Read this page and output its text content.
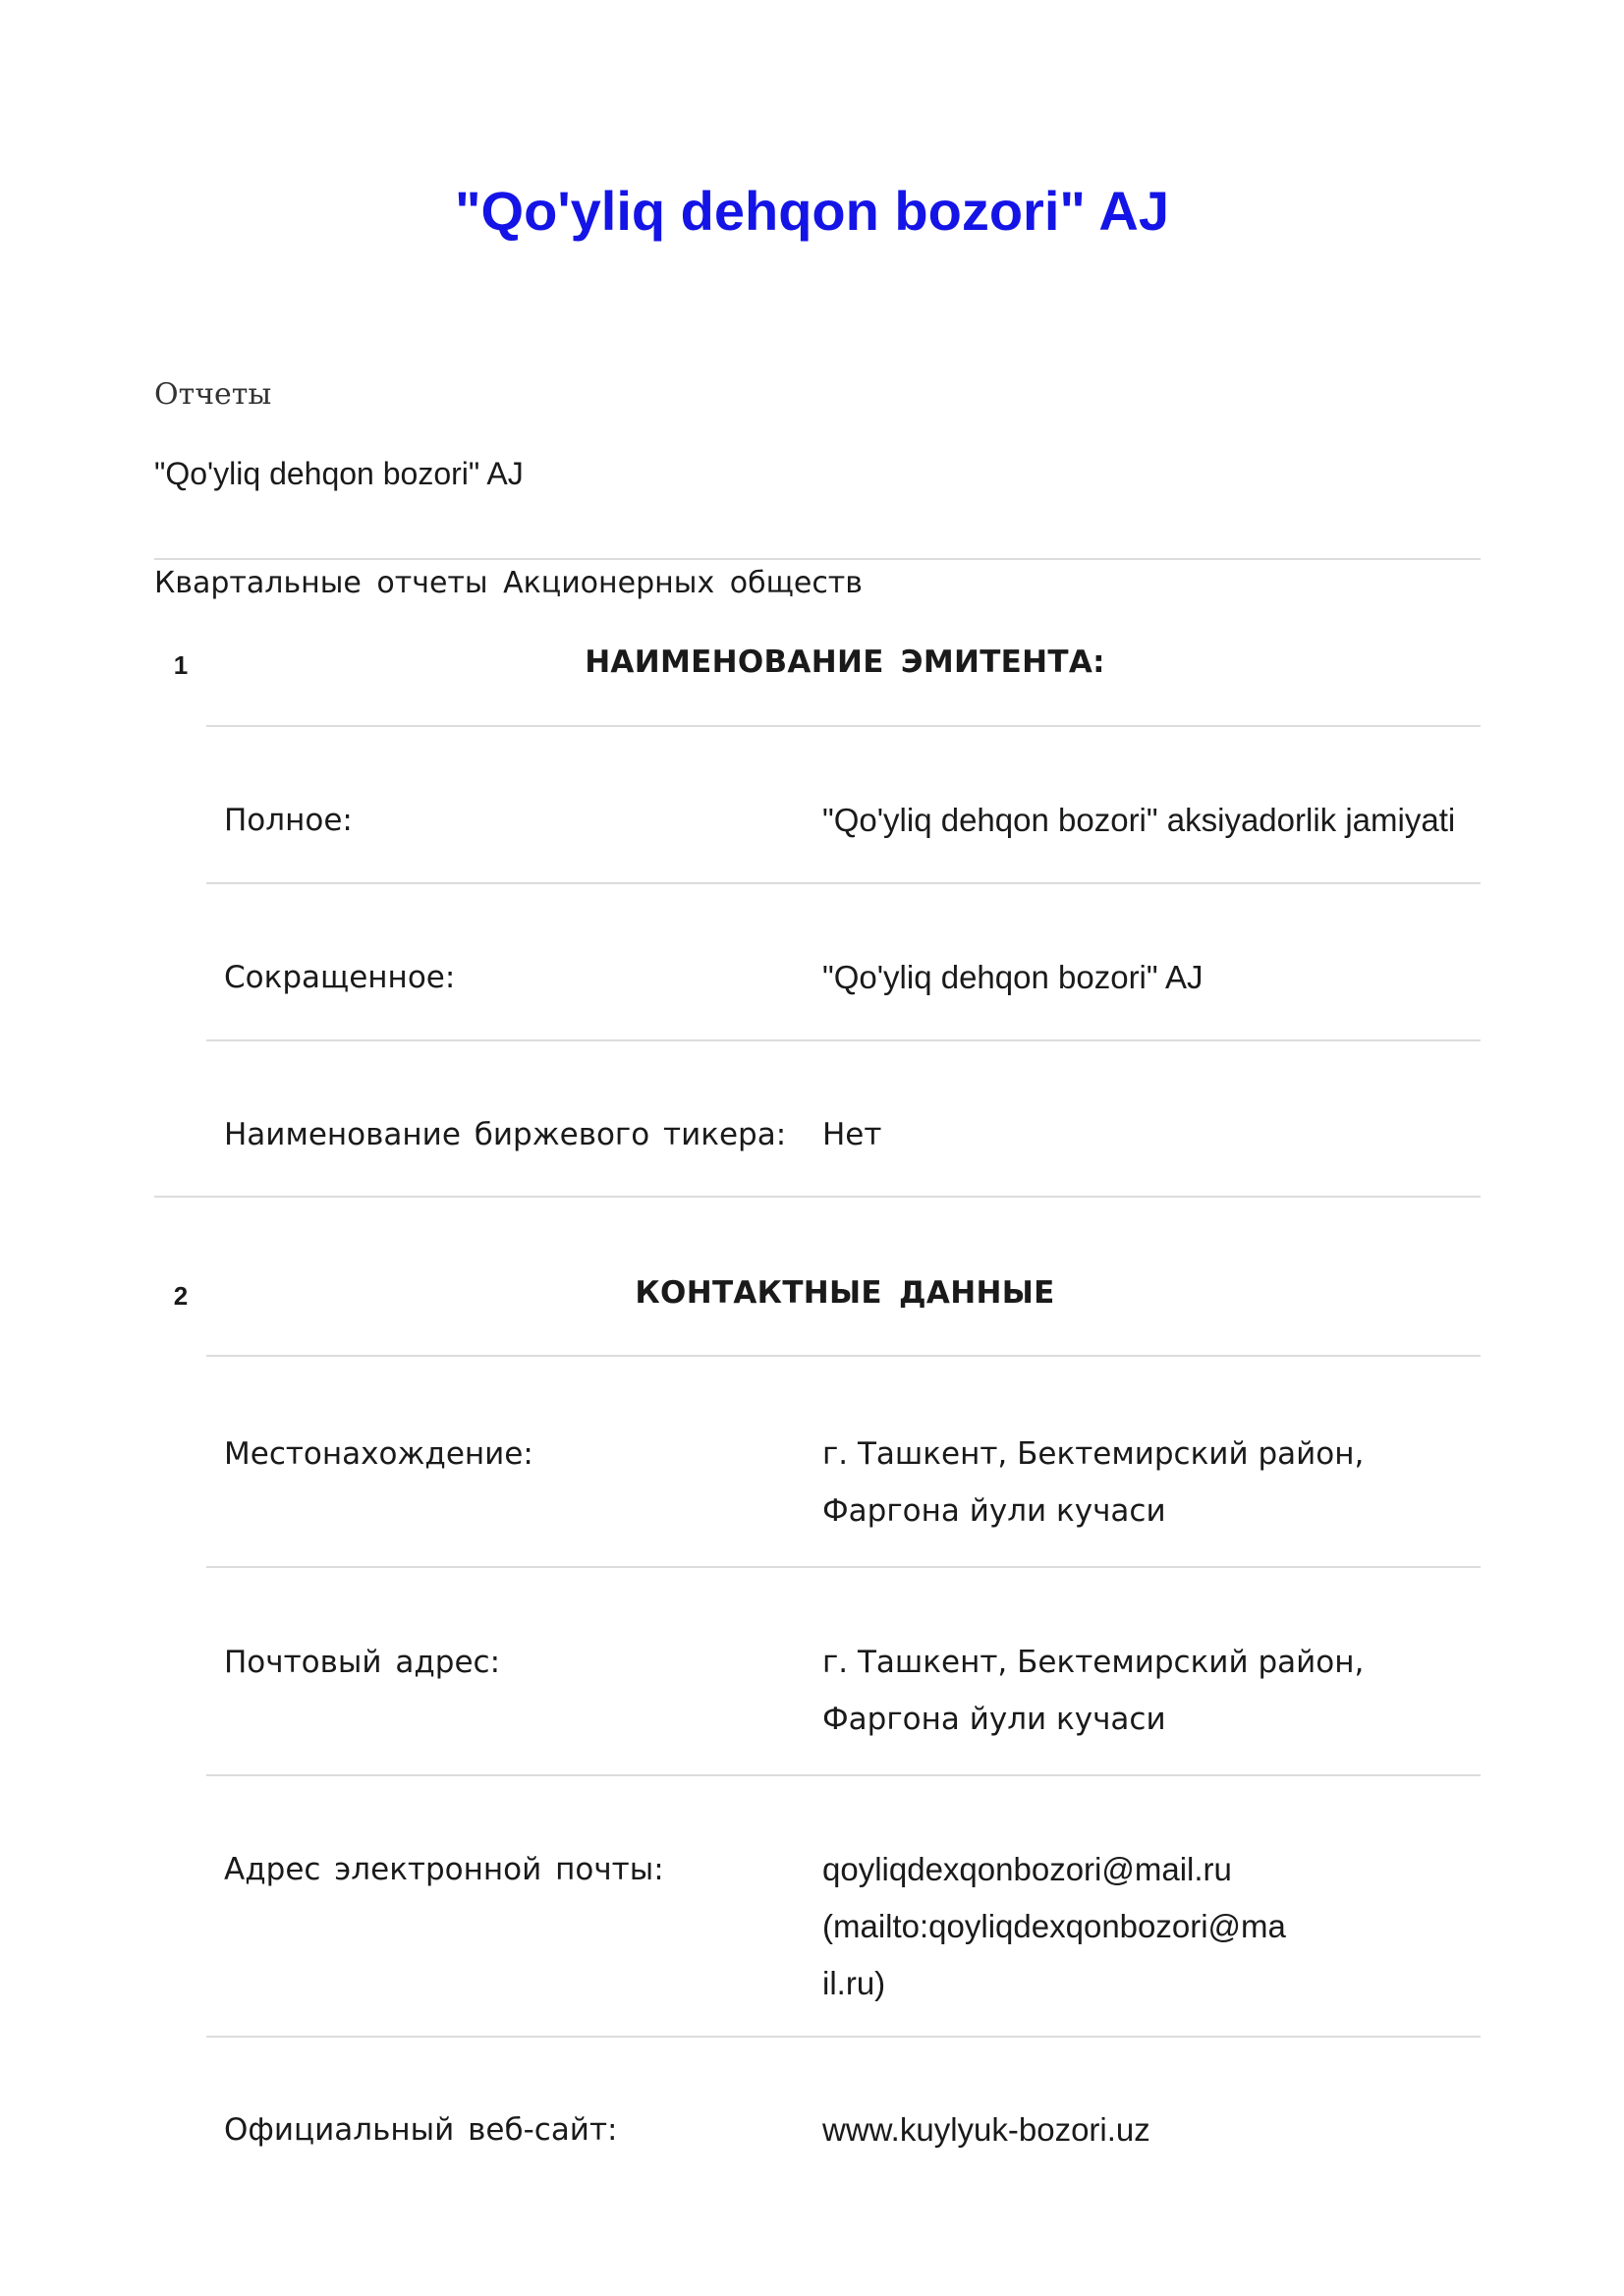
"Qo'yliq dehqon bozori" AJ
Отчеты
"Qo'yliq dehqon bozori" AJ
Квартальные отчеты Акционерных обществ
1	НАИМЕНОВАНИЕ ЭМИТЕНТА:
Полное:	"Qo'yliq dehqon bozori" aksiyadorlik jamiyati
Сокращенное:	"Qo'yliq dehqon bozori" AJ
Наименование биржевого тикера: Нет
2	КОНТАКТНЫЕ ДАННЫЕ
Местонахождение:	г. Ташкент, Бектемирский район,
Фаргона йули кучаси
Почтовый адрес:	г. Ташкент, Бектемирский район,
Фаргона йули кучаси
Адрес электронной почты:	qoyliqdexqonbozori@mail.ru
(mailto:qoyliqdexqonbozori@ma
il.ru)
Официальный веб-сайт:	www.kuylyuk-bozori.uz
